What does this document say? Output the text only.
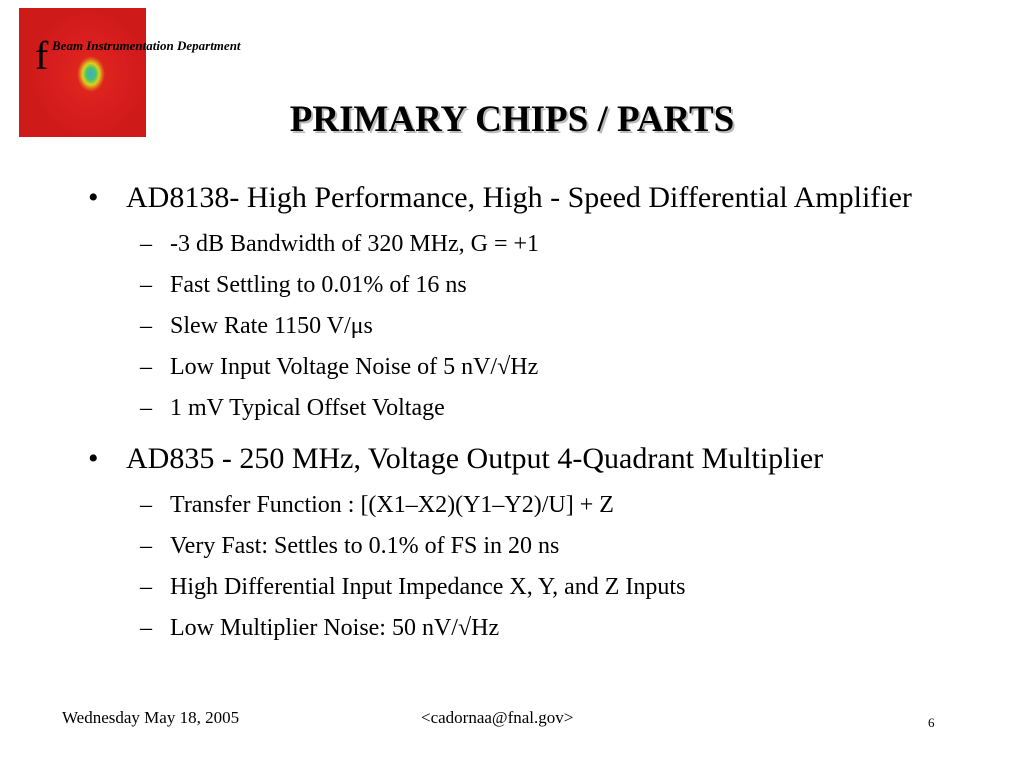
f Beam Instrumentation Department
PRIMARY CHIPS / PARTS
• AD8138- High Performance, High - Speed Differential Amplifier
– -3 dB Bandwidth of 320 MHz, G = +1
– Fast Settling to 0.01% of 16 ns
– Slew Rate 1150 V/μs
– Low Input Voltage Noise of 5 nV/√Hz
– 1 mV Typical Offset Voltage
• AD835 - 250 MHz, Voltage Output 4-Quadrant Multiplier
– Transfer Function : [(X1–X2)(Y1–Y2)/U] + Z
– Very Fast: Settles to 0.1% of FS in 20 ns
– High Differential Input Impedance X, Y, and Z Inputs
– Low Multiplier Noise: 50 nV/√Hz
Wednesday May 18, 2005	<cadornaa@fnal.gov>	6
